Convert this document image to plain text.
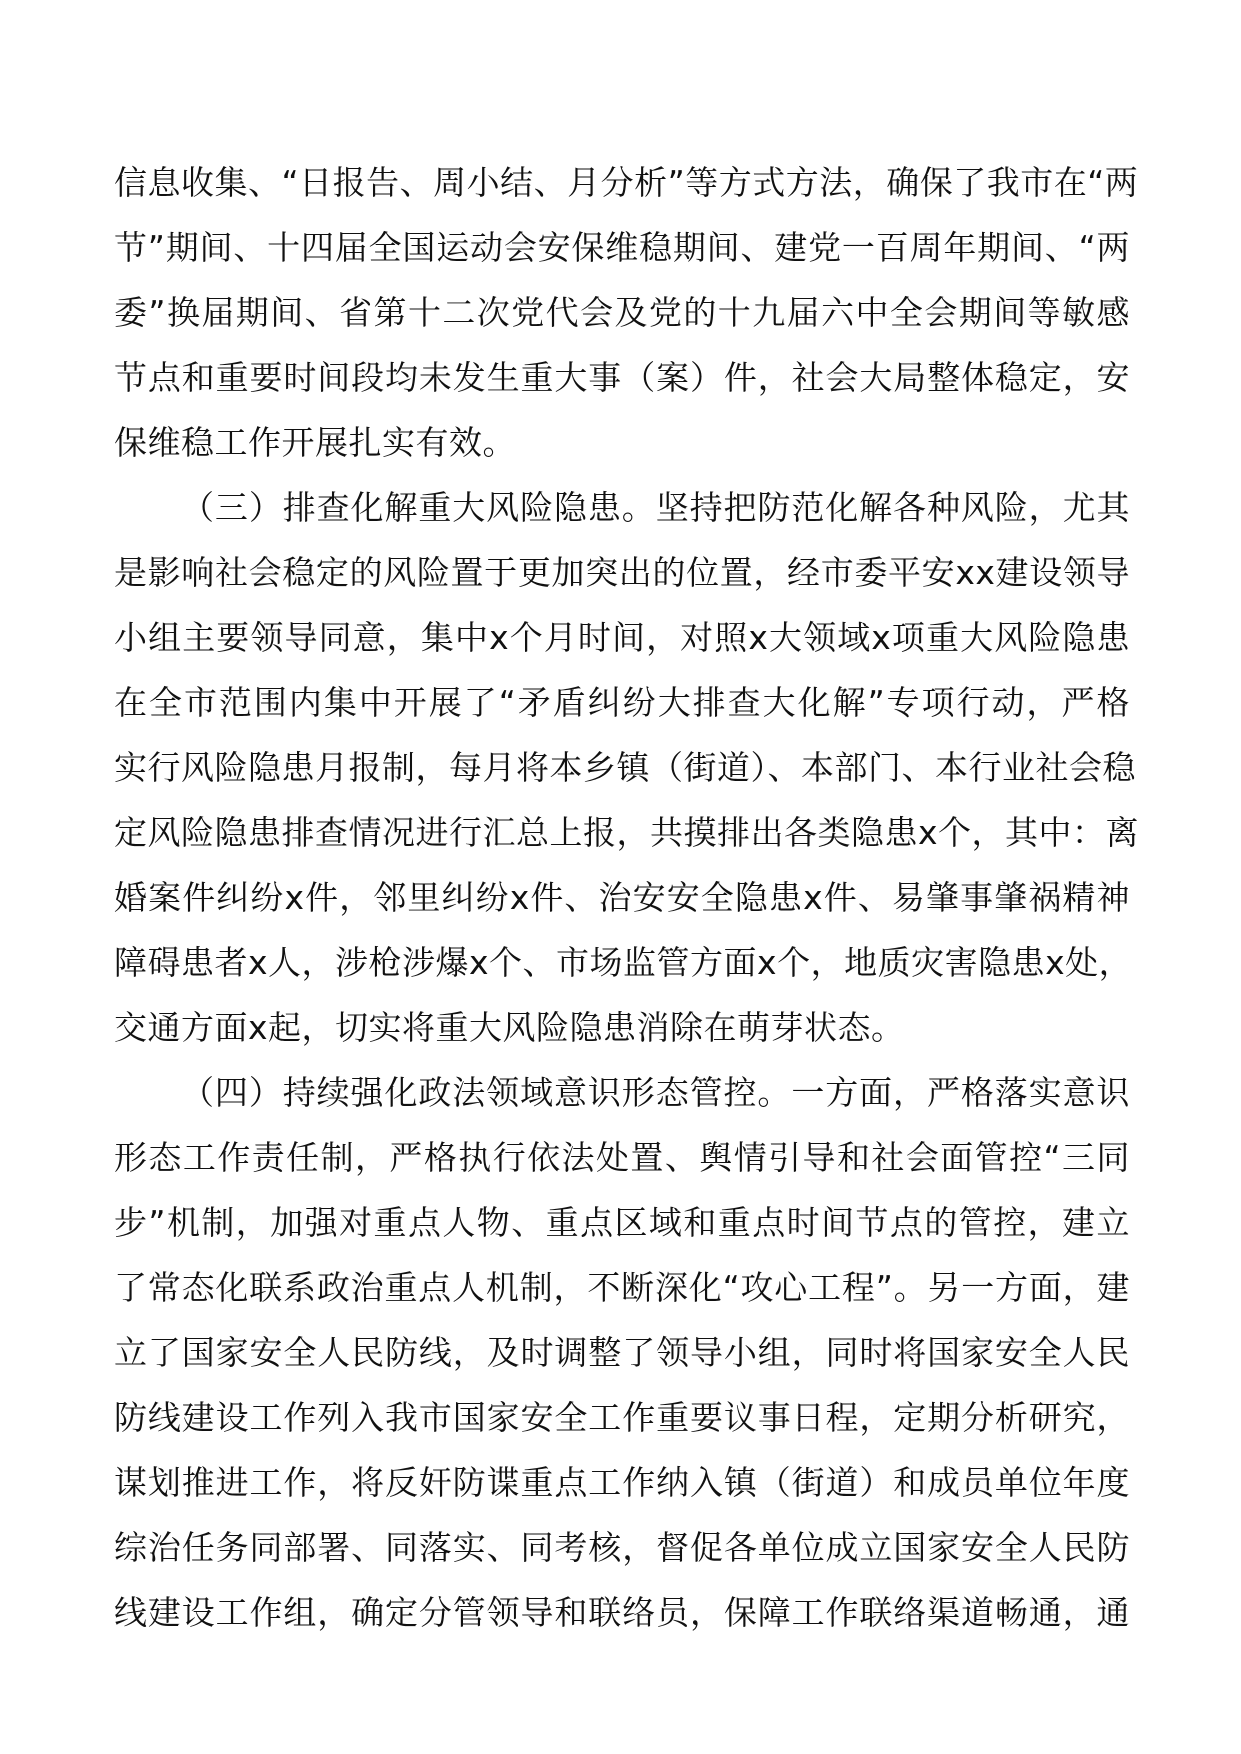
信息收集、“日报告、周小结、月分析”等方式方法，确保了我市在“两
节”期间、十四届全国运动会安保维稳期间、建党一百周年期间、“两
委”换届期间、省第十二次党代会及党的十九届六中全会期间等敏感
节点和重要时间段均未发生重大事（案）件，社会大局整体稳定，安
保维稳工作开展扎实有效。
（三）排查化解重大风险隐患。坚持把防范化解各种风险，尤其
是影响社会稳定的风险置于更加突出的位置，经市委平安xx建设领导
小组主要领导同意，集中x个月时间，对照x大领域x项重大风险隐患
在全市范围内集中开展了“矛盾纠纷大排查大化解”专项行动，严格
实行风险隐患月报制，每月将本乡镇（街道）、本部门、本行业社会稳
定风险隐患排查情况进行汇总上报，共摸排出各类隐患x个，其中：离
婚案件纠纷x件，邻里纠纷x件、治安安全隐患x件、易肇事肇祸精神
障碍患者x人，涉枪涉爆x个、市场监管方面x个，地质灾害隐患x处，
交通方面x起，切实将重大风险隐患消除在萌芽状态。
（四）持续强化政法领域意识形态管控。一方面，严格落实意识
形态工作责任制，严格执行依法处置、舆情引导和社会面管控“三同
步”机制，加强对重点人物、重点区域和重点时间节点的管控，建立
了常态化联系政治重点人机制，不断深化“攻心工程”。另一方面，建
立了国家安全人民防线，及时调整了领导小组，同时将国家安全人民
防线建设工作列入我市国家安全工作重要议事日程，定期分析研究，
谋划推进工作，将反奸防谍重点工作纳入镇（街道）和成员单位年度
综治任务同部署、同落实、同考核，督促各单位成立国家安全人民防
线建设工作组，确定分管领导和联络员，保障工作联络渠道畅通，通
